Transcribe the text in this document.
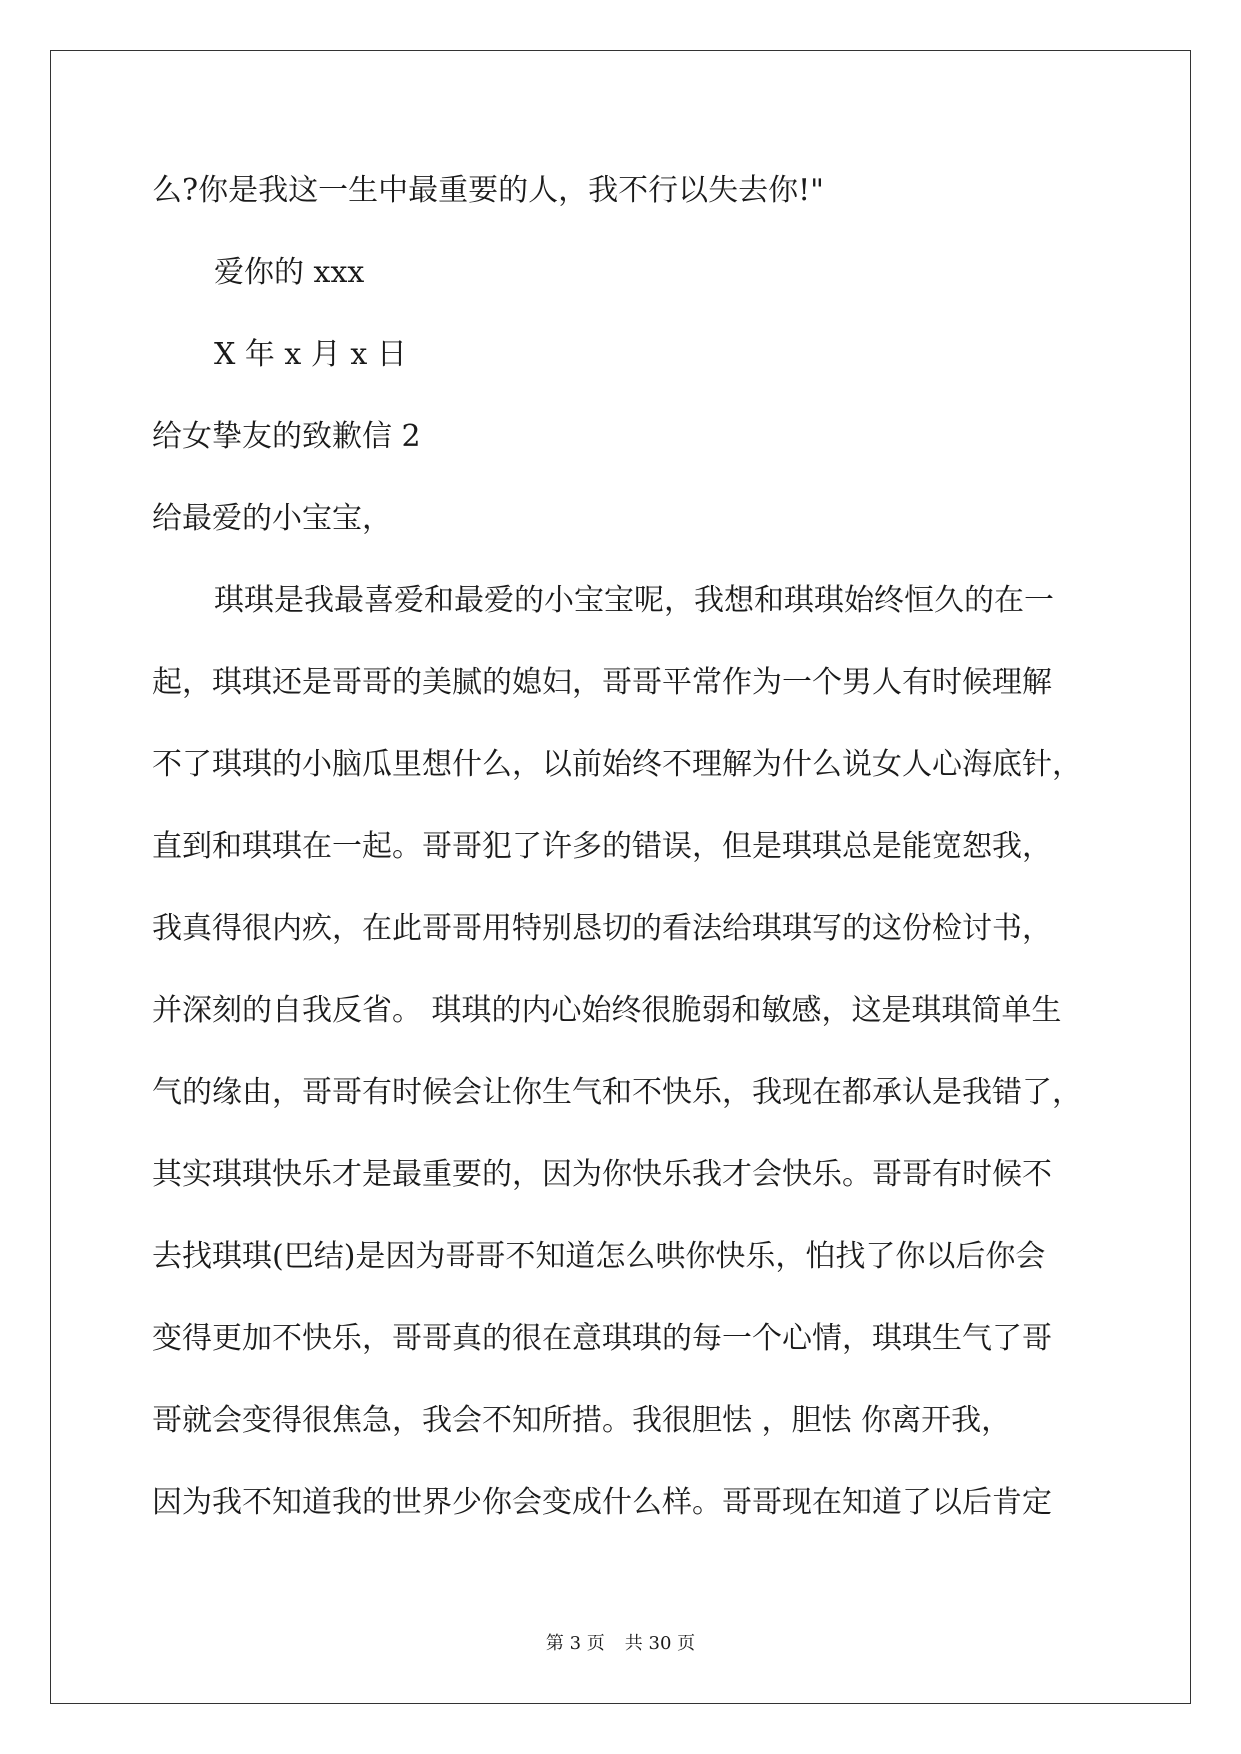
么?你是我这一生中最重要的人，我不行以失去你!"
爱你的 xxx
X 年 x 月 x 日
给女挚友的致歉信 2
给最爱的小宝宝，
琪琪是我最喜爱和最爱的小宝宝呢，我想和琪琪始终恒久的在一
起，琪琪还是哥哥的美腻的媳妇，哥哥平常作为一个男人有时候理解
不了琪琪的小脑瓜里想什么，以前始终不理解为什么说女人心海底针，
直到和琪琪在一起。哥哥犯了许多的错误，但是琪琪总是能宽恕我，
我真得很内疚，在此哥哥用特别恳切的看法给琪琪写的这份检讨书，
并深刻的自我反省。 琪琪的内心始终很脆弱和敏感，这是琪琪简单生
气的缘由，哥哥有时候会让你生气和不快乐，我现在都承认是我错了，
其实琪琪快乐才是最重要的，因为你快乐我才会快乐。哥哥有时候不
去找琪琪(巴结)是因为哥哥不知道怎么哄你快乐，怕找了你以后你会
变得更加不快乐，哥哥真的很在意琪琪的每一个心情，琪琪生气了哥
哥就会变得很焦急，我会不知所措。我很胆怯 ，胆怯 你离开我，
因为我不知道我的世界少你会变成什么样。哥哥现在知道了以后肯定
第 3 页 共 30 页
